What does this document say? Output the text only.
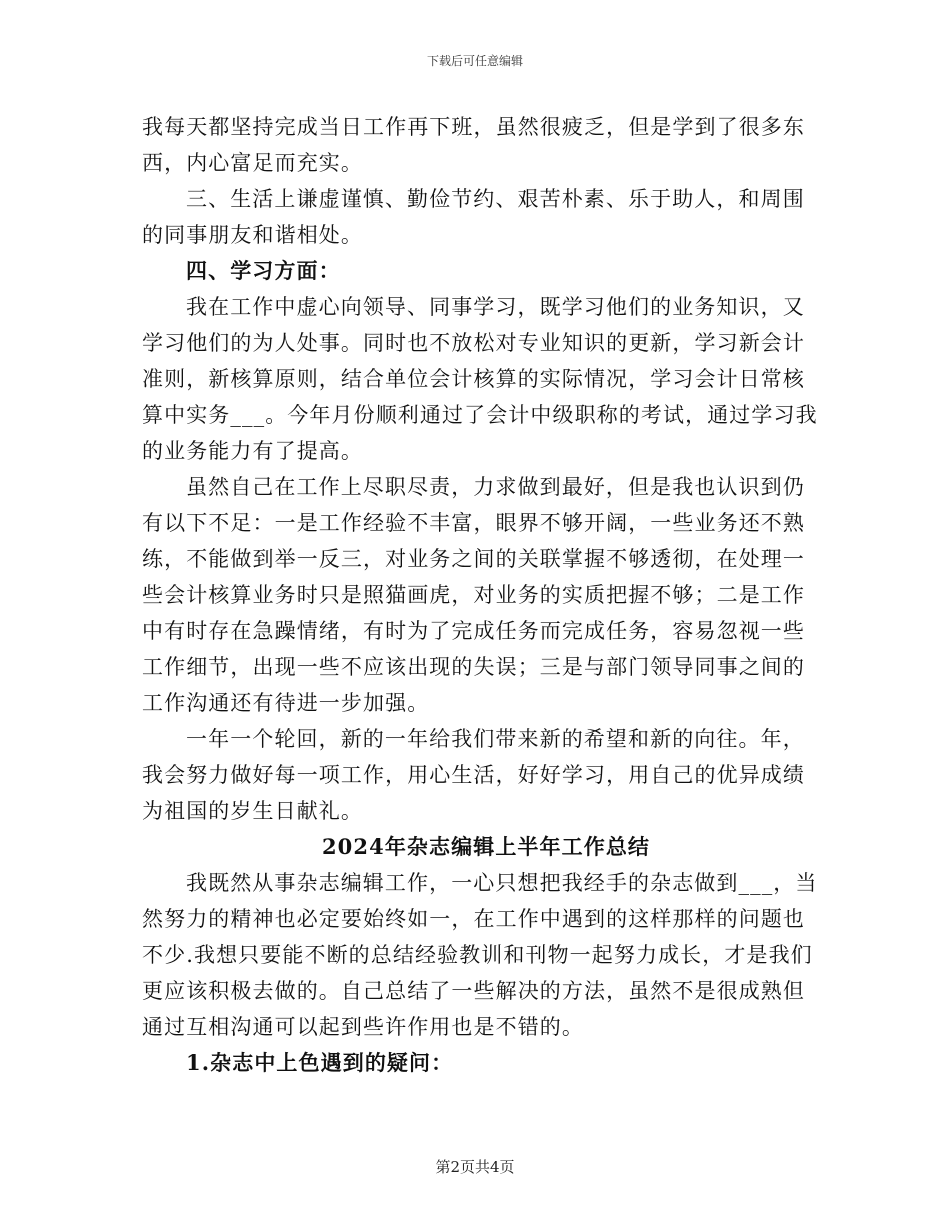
下载后可任意编辑
我每天都坚持完成当日工作再下班，虽然很疲乏，但是学到了很多东
西，内心富足而充实。
三、生活上谦虚谨慎、勤俭节约、艰苦朴素、乐于助人，和周围
的同事朋友和谐相处。
四、学习方面：
我在工作中虚心向领导、同事学习，既学习他们的业务知识，又
学习他们的为人处事。同时也不放松对专业知识的更新，学习新会计
准则，新核算原则，结合单位会计核算的实际情况，学习会计日常核
算中实务___。今年月份顺利通过了会计中级职称的考试，通过学习我
的业务能力有了提高。
虽然自己在工作上尽职尽责，力求做到最好，但是我也认识到仍
有以下不足：一是工作经验不丰富，眼界不够开阔，一些业务还不熟
练，不能做到举一反三，对业务之间的关联掌握不够透彻，在处理一
些会计核算业务时只是照猫画虎，对业务的实质把握不够；二是工作
中有时存在急躁情绪，有时为了完成任务而完成任务，容易忽视一些
工作细节，出现一些不应该出现的失误；三是与部门领导同事之间的
工作沟通还有待进一步加强。
一年一个轮回，新的一年给我们带来新的希望和新的向往。年，
我会努力做好每一项工作，用心生活，好好学习，用自己的优异成绩
为祖国的岁生日献礼。
2024年杂志编辑上半年工作总结
我既然从事杂志编辑工作，一心只想把我经手的杂志做到___，当
然努力的精神也必定要始终如一，在工作中遇到的这样那样的问题也
不少.我想只要能不断的总结经验教训和刊物一起努力成长，才是我们
更应该积极去做的。自己总结了一些解决的方法，虽然不是很成熟但
通过互相沟通可以起到些许作用也是不错的。
1.杂志中上色遇到的疑问：
第2页共4页
